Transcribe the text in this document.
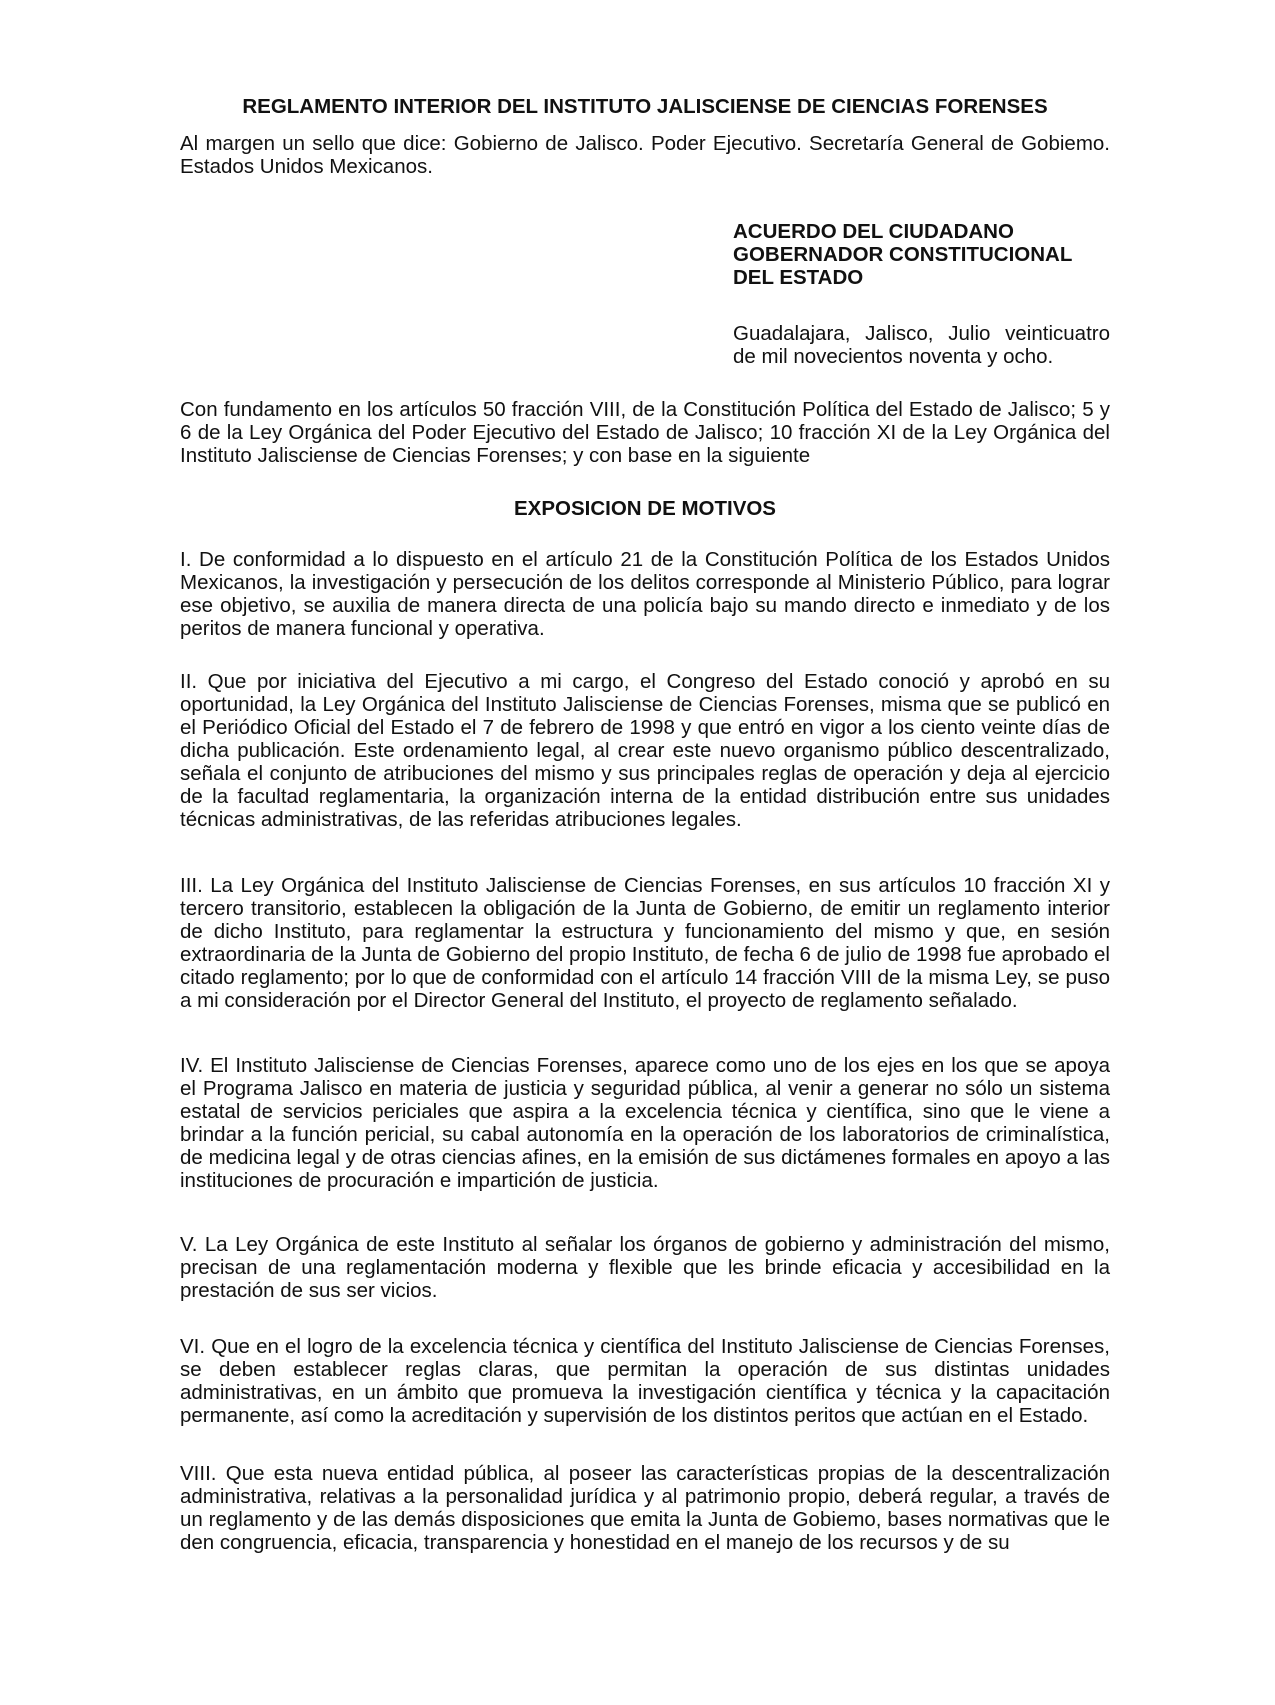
REGLAMENTO INTERIOR DEL INSTITUTO JALISCIENSE DE CIENCIAS FORENSES

Al margen un sello que dice: Gobierno de Jalisco. Poder Ejecutivo. Secretaría General de Gobiemo. Estados Unidos Mexicanos.

ACUERDO DEL CIUDADANO
GOBERNADOR CONSTITUCIONAL
DEL ESTADO

Guadalajara, Jalisco, Julio veinticuatro de mil novecientos noventa y ocho.

Con fundamento en los artículos 50 fracción VIII, de la Constitución Política del Estado de Jalisco; 5 y 6 de la Ley Orgánica del Poder Ejecutivo del Estado de Jalisco; 10 fracción XI de la Ley Orgánica del Instituto Jalisciense de Ciencias Forenses; y con base en la siguiente

EXPOSICION DE MOTIVOS

I. De conformidad a lo dispuesto en el artículo 21 de la Constitución Política de los Estados Unidos Mexicanos, la investigación y persecución de los delitos corresponde al Ministerio Público, para lograr ese objetivo, se auxilia de manera directa de una policía bajo su mando directo e inmediato y de los peritos de manera funcional y operativa.

II. Que por iniciativa del Ejecutivo a mi cargo, el Congreso del Estado conoció y aprobó en su oportunidad, la Ley Orgánica del Instituto Jalisciense de Ciencias Forenses, misma que se publicó en el Periódico Oficial del Estado el 7 de febrero de 1998 y que entró en vigor a los ciento veinte días de dicha publicación. Este ordenamiento legal, al crear este nuevo organismo público descentralizado, señala el conjunto de atribuciones del mismo y sus principales reglas de operación y deja al ejercicio de la facultad reglamentaria, la organización interna de la entidad distribución entre sus unidades técnicas administrativas, de las referidas atribuciones legales.

III. La Ley Orgánica del Instituto Jalisciense de Ciencias Forenses, en sus artículos 10 fracción XI y tercero transitorio, establecen la obligación de la Junta de Gobierno, de emitir un reglamento interior de dicho Instituto, para reglamentar la estructura y funcionamiento del mismo y que, en sesión extraordinaria de la Junta de Gobierno del propio Instituto, de fecha 6 de julio de 1998 fue aprobado el citado reglamento; por lo que de conformidad con el artículo 14 fracción VIII de la misma Ley, se puso a mi consideración por el Director General del Instituto, el proyecto de reglamento señalado.

IV. El Instituto Jalisciense de Ciencias Forenses, aparece como uno de los ejes en los que se apoya el Programa Jalisco en materia de justicia y seguridad pública, al venir a generar no sólo un sistema estatal de servicios periciales que aspira a la excelencia técnica y científica, sino que le viene a brindar a la función pericial, su cabal autonomía en la operación de los laboratorios de criminalística, de medicina legal y de otras ciencias afines, en la emisión de sus dictámenes formales en apoyo a las instituciones de procuración e impartición de justicia.

V. La Ley Orgánica de este Instituto al señalar los órganos de gobierno y administración del mismo, precisan de una reglamentación moderna y flexible que les brinde eficacia y accesibilidad en la prestación de sus ser vicios.

VI. Que en el logro de la excelencia técnica y científica del Instituto Jalisciense de Ciencias Forenses, se deben establecer reglas claras, que permitan la operación de sus distintas unidades administrativas, en un ámbito que promueva la investigación científica y técnica y la capacitación permanente, así como la acreditación y supervisión de los distintos peritos que actúan en el Estado.

VIII. Que esta nueva entidad pública, al poseer las características propias de la descentralización administrativa, relativas a la personalidad jurídica y al patrimonio propio, deberá regular, a través de un reglamento y de las demás disposiciones que emita la Junta de Gobiemo, bases normativas que le den congruencia, eficacia, transparencia y honestidad en el manejo de los recursos y de su
